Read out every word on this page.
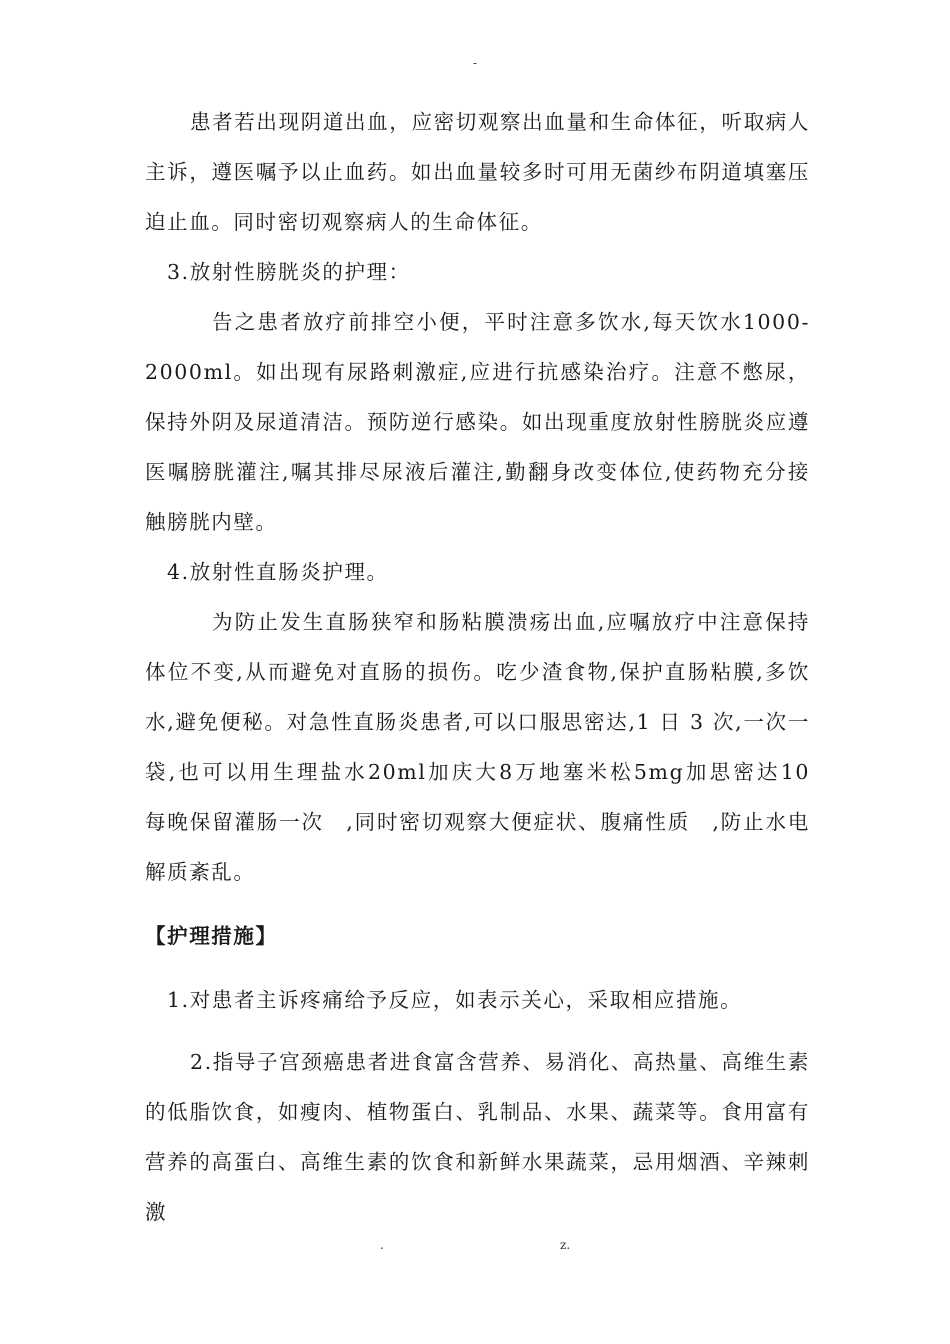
-

患者若出现阴道出血，应密切观察出血量和生命体征，听取病人主诉，遵医嘱予以止血药。如出血量较多时可用无菌纱布阴道填塞压迫止血。同时密切观察病人的生命体征。

3.放射性膀胱炎的护理：

告之患者放疗前排空小便，平时注意多饮水,每天饮水1000-2000ml。如出现有尿路刺激症,应进行抗感染治疗。注意不憋尿，保持外阴及尿道清洁。预防逆行感染。如出现重度放射性膀胱炎应遵医嘱膀胱灌注,嘱其排尽尿液后灌注,勤翻身改变体位,使药物充分接触膀胱内壁。

4.放射性直肠炎护理。

为防止发生直肠狭窄和肠粘膜溃疡出血,应嘱放疗中注意保持体位不变,从而避免对直肠的损伤。吃少渣食物,保护直肠粘膜,多饮水,避免便秘。对急性直肠炎患者,可以口服思密达,1 日 3 次,一次一袋,也可以用生理盐水20ml加庆大8万地塞米松5mg加思密达10　每晚保留灌肠一次　,同时密切观察大便症状、腹痛性质　,防止水电解质紊乱。

【护理措施】

1.对患者主诉疼痛给予反应，如表示关心，采取相应措施。

2.指导子宫颈癌患者进食富含营养、易消化、高热量、高维生素的低脂饮食，如瘦肉、植物蛋白、乳制品、水果、蔬菜等。食用富有营养的高蛋白、高维生素的饮食和新鲜水果蔬菜，忌用烟酒、辛辣刺激

.	z.
